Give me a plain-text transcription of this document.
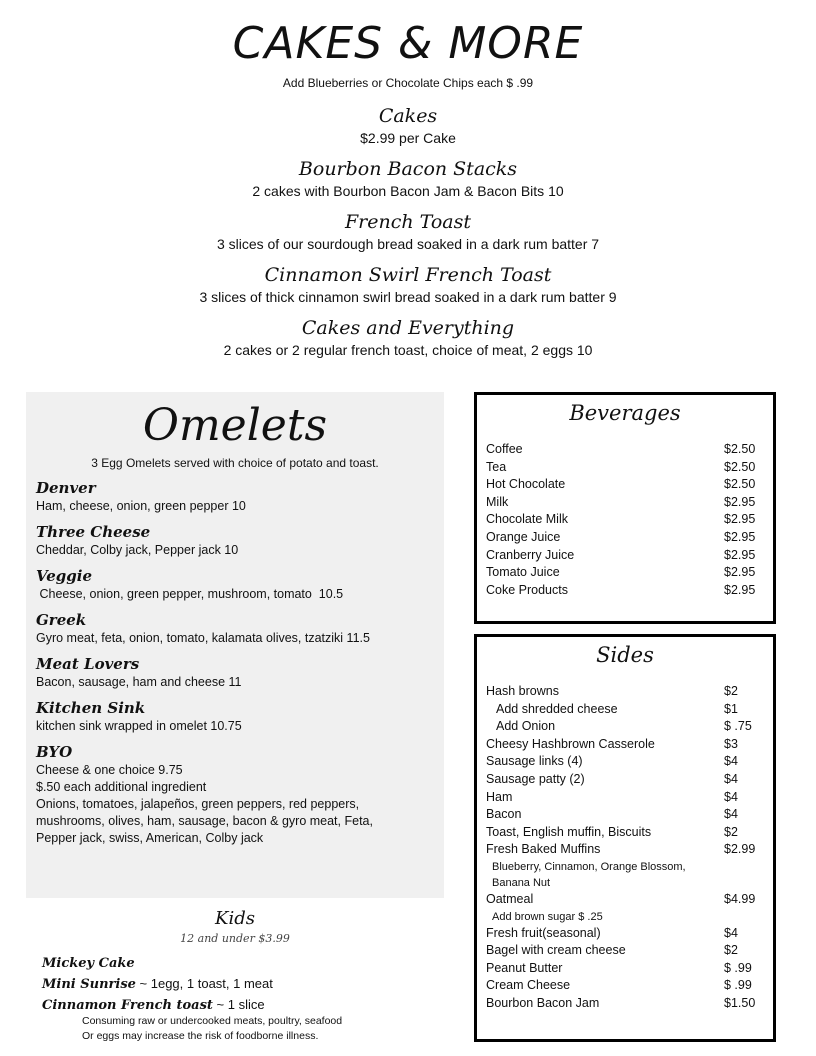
CAKES & MORE
Add Blueberries or Chocolate Chips each $ .99
Cakes
$2.99 per Cake
Bourbon Bacon Stacks
2 cakes with Bourbon Bacon Jam & Bacon Bits 10
French Toast
3 slices of our sourdough bread soaked in a dark rum batter 7
Cinnamon Swirl French Toast
3 slices of thick cinnamon swirl bread soaked in a dark rum batter 9
Cakes and Everything
2 cakes or 2 regular french toast, choice of meat, 2 eggs 10
Omelets
3 Egg Omelets served with choice of potato and toast.
Denver
Ham, cheese, onion, green pepper 10
Three Cheese
Cheddar, Colby jack, Pepper jack 10
Veggie
Cheese, onion, green pepper, mushroom, tomato  10.5
Greek
Gyro meat, feta, onion, tomato, kalamata olives, tzatziki 11.5
Meat Lovers
Bacon, sausage, ham and cheese 11
Kitchen Sink
kitchen sink wrapped in omelet 10.75
BYO
Cheese & one choice 9.75
$.50 each additional ingredient
Onions, tomatoes, jalapeños, green peppers, red peppers,
mushrooms, olives, ham, sausage, bacon & gyro meat, Feta,
Pepper jack, swiss, American, Colby jack
Kids
12 and under $3.99
Mickey Cake
Mini Sunrise ~ 1egg, 1 toast, 1 meat
Cinnamon French toast ~ 1 slice
Consuming raw or undercooked meats, poultry, seafood
Or eggs may increase the risk of foodborne illness.
Beverages
Coffee	$2.50
Tea	$2.50
Hot Chocolate	$2.50
Milk	$2.95
Chocolate Milk	$2.95
Orange Juice	$2.95
Cranberry Juice	$2.95
Tomato Juice	$2.95
Coke Products	$2.95
Sides
Hash browns	$2
Add shredded cheese	$1
Add Onion	$ .75
Cheesy Hashbrown Casserole	$3
Sausage links (4)	$4
Sausage patty (2)	$4
Ham	$4
Bacon	$4
Toast, English muffin, Biscuits	$2
Fresh Baked Muffins	$2.99
Blueberry, Cinnamon, Orange Blossom,
Banana Nut
Oatmeal	$4.99
Add brown sugar $ .25
Fresh fruit(seasonal)	$4
Bagel with cream cheese	$2
Peanut Butter	$ .99
Cream Cheese	$ .99
Bourbon Bacon Jam	$1.50
